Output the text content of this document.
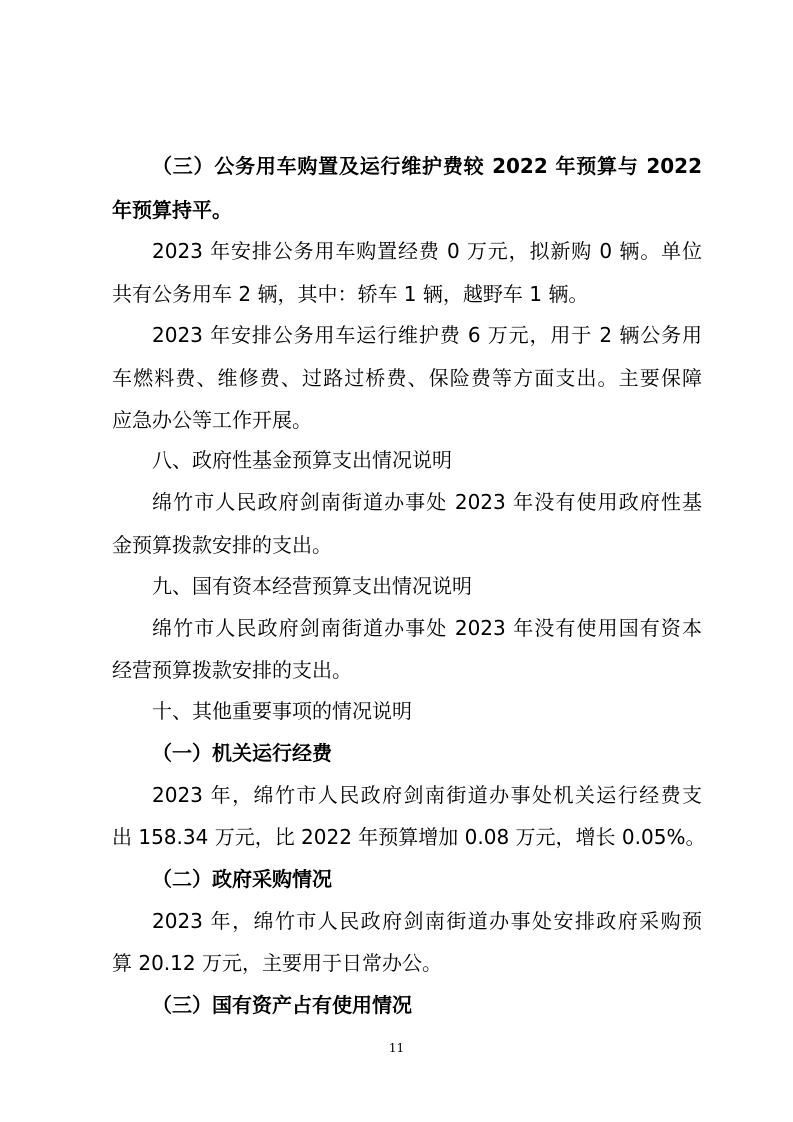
（三）公务用车购置及运行维护费较 2022 年预算与 2022

年预算持平。

2023 年安排公务用车购置经费 0 万元，拟新购 0 辆。单位

共有公务用车 2 辆，其中：轿车 1 辆，越野车 1 辆。

2023 年安排公务用车运行维护费 6 万元，用于 2 辆公务用

车燃料费、维修费、过路过桥费、保险费等方面支出。主要保障

应急办公等工作开展。

八、政府性基金预算支出情况说明

绵竹市人民政府剑南街道办事处 2023 年没有使用政府性基

金预算拨款安排的支出。

九、国有资本经营预算支出情况说明

绵竹市人民政府剑南街道办事处 2023 年没有使用国有资本

经营预算拨款安排的支出。

十、其他重要事项的情况说明

（一）机关运行经费

2023 年，绵竹市人民政府剑南街道办事处机关运行经费支

出 158.34 万元，比 2022 年预算增加 0.08 万元，增长 0.05%。

（二）政府采购情况

2023 年，绵竹市人民政府剑南街道办事处安排政府采购预

算 20.12 万元，主要用于日常办公。

（三）国有资产占有使用情况

11
